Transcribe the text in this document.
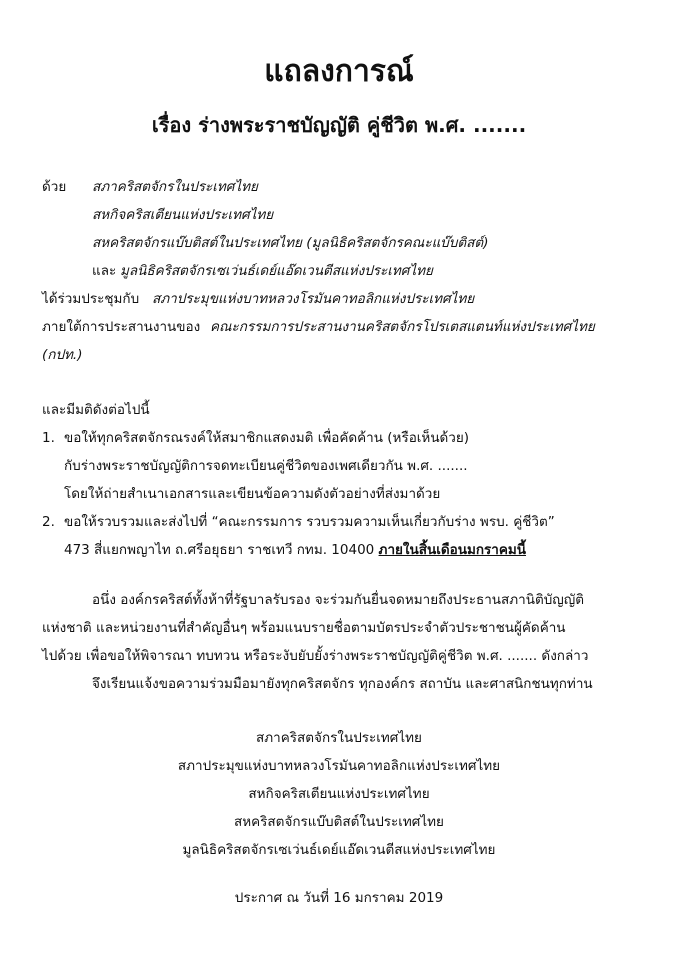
แถลงการณ์
เรื่อง ร่างพระราชบัญญัติ คู่ชีวิต พ.ศ. .......
ด้วย สภาคริสตจักรในประเทศไทย
สหกิจคริสเตียนแห่งประเทศไทย
สหคริสตจักรแบ๊บติสต์ในประเทศไทย (มูลนิธิคริสตจักรคณะแบ๊บติสต์)
และ มูลนิธิคริสตจักรเซเว่นธ์เดย์แอ๊ดเวนตีสแห่งประเทศไทย
ได้ร่วมประชุมกับ สภาประมุขแห่งบาทหลวงโรมันคาทอลิกแห่งประเทศไทย
ภายใต้การประสานงานของ คณะกรรมการประสานงานคริสตจักรโปรเตสแตนท์แห่งประเทศไทย
(กปท.)
และมีมติดังต่อไปนี้
1. ขอให้ทุกคริสตจักรณรงค์ให้สมาชิกแสดงมติ เพื่อคัดค้าน (หรือเห็นด้วย)
กับร่างพระราชบัญญัติการจดทะเบียนคู่ชีวิตของเพศเดียวกัน พ.ศ. .......
โดยให้ถ่ายสำเนาเอกสารและเขียนข้อความดังตัวอย่างที่ส่งมาด้วย
2. ขอให้รวบรวมและส่งไปที่ “คณะกรรมการ รวบรวมความเห็นเกี่ยวกับร่าง พรบ. คู่ชีวิต”
473 สี่แยกพญาไท ถ.ศรีอยุธยา ราชเทวี กทม. 10400 ภายในสิ้นเดือนมกราคมนี้
อนึ่ง องค์กรคริสต์ทั้งห้าที่รัฐบาลรับรอง จะร่วมกันยื่นจดหมายถึงประธานสภานิติบัญญัติ
แห่งชาติ และหน่วยงานที่สำคัญอื่นๆ พร้อมแนบรายชื่อตามบัตรประจำตัวประชาชนผู้คัดค้าน
ไปด้วย เพื่อขอให้พิจารณา ทบทวน หรือระงับยับยั้งร่างพระราชบัญญัติคู่ชีวิต พ.ศ. ....... ดังกล่าว
จึงเรียนแจ้งขอความร่วมมือมายังทุกคริสตจักร ทุกองค์กร สถาบัน และศาสนิกชนทุกท่าน
สภาคริสตจักรในประเทศไทย
สภาประมุขแห่งบาทหลวงโรมันคาทอลิกแห่งประเทศไทย
สหกิจคริสเตียนแห่งประเทศไทย
สหคริสตจักรแบ๊บติสต์ในประเทศไทย
มูลนิธิคริสตจักรเซเว่นธ์เดย์แอ๊ดเวนตีสแห่งประเทศไทย
ประกาศ ณ วันที่ 16 มกราคม 2019
